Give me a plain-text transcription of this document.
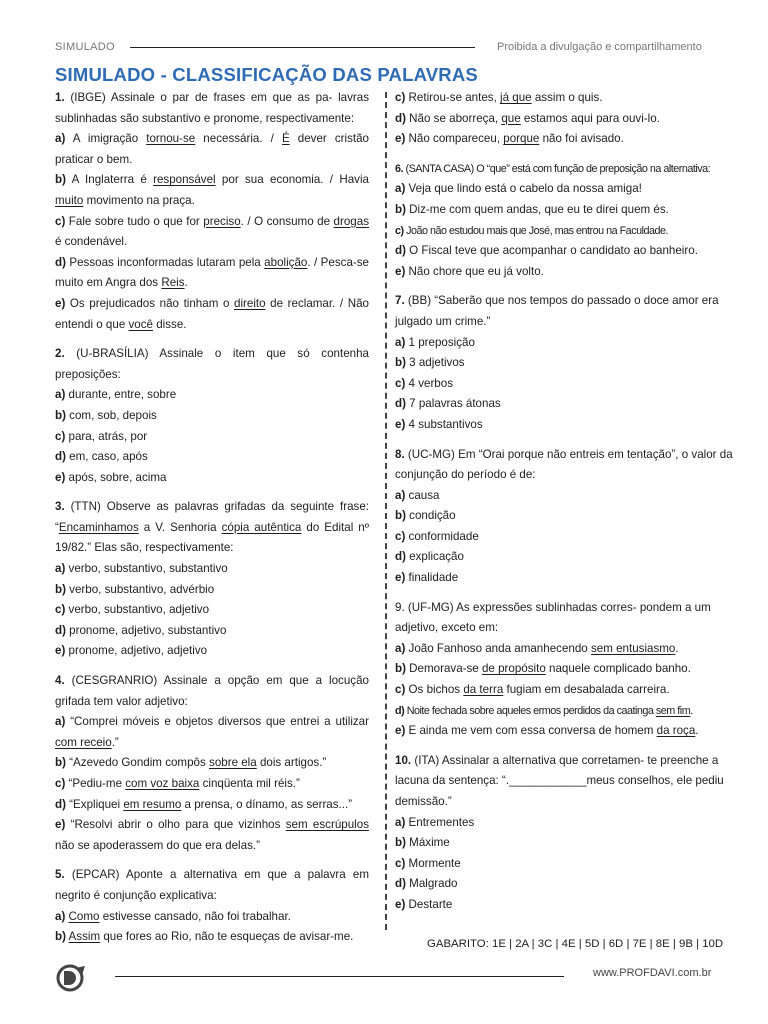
SIMULADO	Proibida a divulgação e compartilhamento
SIMULADO - CLASSIFICAÇÃO DAS PALAVRAS

1. (IBGE) Assinale o par de frases em que as pa- lavras sublinhadas são substantivo e pronome, respectivamente:

a) A imigração tornou-se necessária. / É dever cristão praticar o bem.

b) A Inglaterra é responsável por sua economia. / Havia muito movimento na praça.

c) Fale sobre tudo o que for preciso. / O consumo de drogas é condenável.

d) Pessoas inconformadas lutaram pela abolição. / Pesca-se muito em Angra dos Reis.

e) Os prejudicados não tinham o direito de reclamar. / Não entendi o que você disse.

2. (U-BRASÍLIA) Assinale o item que só contenha preposições:

a) durante, entre, sobre

b) com, sob, depois

c) para, atrás, por

d) em, caso, após

e) após, sobre, acima

3. (TTN) Observe as palavras grifadas da seguinte frase: “Encaminhamos a V. Senhoria cópia autêntica do Edital nº 19/82.” Elas são, respectivamente:

a) verbo, substantivo, substantivo

b) verbo, substantivo, advérbio

c) verbo, substantivo, adjetivo

d) pronome, adjetivo, substantivo

e) pronome, adjetivo, adjetivo

4. (CESGRANRIO) Assinale a opção em que a locução grifada tem valor adjetivo:

a) “Comprei móveis e objetos diversos que entrei a utilizar com receio.”

b) “Azevedo Gondim compôs sobre ela dois artigos.”

c) “Pediu-me com voz baixa cinqüenta mil réis.”

d) “Expliquei em resumo a prensa, o dínamo, as serras...”

e) “Resolvi abrir o olho para que vizinhos sem escrúpulos não se apoderassem do que era delas.”

5. (EPCAR) Aponte a alternativa em que a palavra em negrito é conjunção explicativa:

a) Como estivesse cansado, não foi trabalhar.

b) Assim que fores ao Rio, não te esqueças de avisar-me.

c) Retirou-se antes, já que assim o quis.

d) Não se aborreça, que estamos aqui para ouvi-lo.

e) Não compareceu, porque não foi avisado.

6. (SANTA CASA) O “que” está com função de preposição na alternativa:

a) Veja que lindo está o cabelo da nossa amiga!

b) Diz-me com quem andas, que eu te direi quem és.

c) João não estudou mais que José, mas entrou na Faculdade.

d) O Fiscal teve que acompanhar o candidato ao banheiro.

e) Não chore que eu já volto.

7. (BB) “Saberão que nos tempos do passado o doce amor era julgado um crime.”

a) 1 preposição

b) 3 adjetivos

c) 4 verbos

d) 7 palavras átonas

e) 4 substantivos

8. (UC-MG) Em “Orai porque não entreis em tentação”, o valor da conjunção do período é de:

a) causa

b) condição

c) conformidade

d) explicação

e) finalidade

9. (UF-MG) As expressões sublinhadas corres- pondem a um adjetivo, exceto em:

a) João Fanhoso anda amanhecendo sem entusiasmo.

b) Demorava-se de propósito naquele complicado banho.

c) Os bichos da terra fugiam em desabalada carreira.

d) Noite fechada sobre aqueles ermos perdidos da caatinga sem fim.

e) E ainda me vem com essa conversa de homem da roça.

10. (ITA) Assinalar a alternativa que corretamen- te preenche a lacuna da sentença: “.____________meus conselhos, ele pediu demissão.”

a) Entrementes

b) Máxime

c) Mormente

d) Malgrado

e) Destarte

GABARITO: 1E | 2A | 3C | 4E | 5D | 6D | 7E | 8E | 9B | 10D
www.PROFDAVI.com.br
